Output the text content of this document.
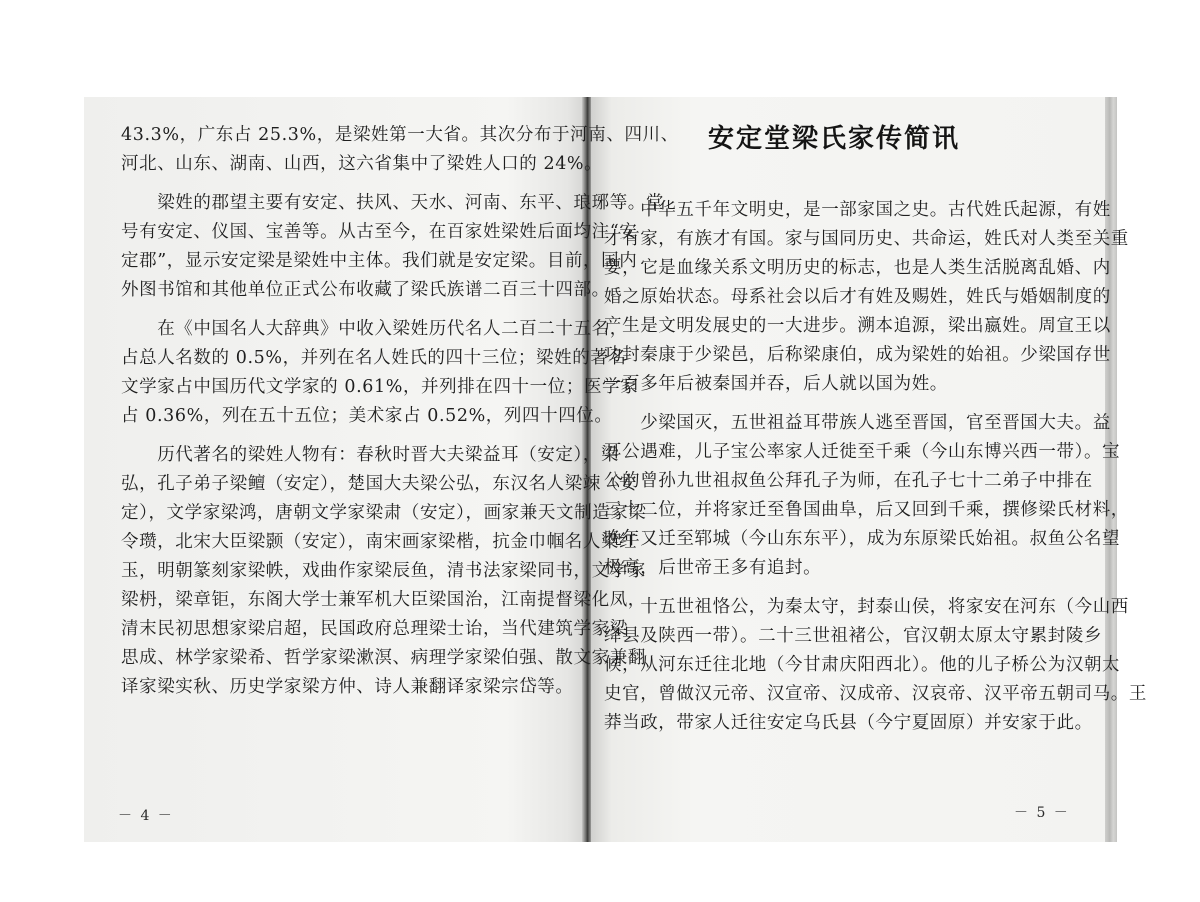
43.3%，广东占 25.3%，是梁姓第一大省。其次分布于河南、四川、

河北、山东、湖南、山西，这六省集中了梁姓人口的 24%。

　　梁姓的郡望主要有安定、扶风、天水、河南、东平、琅琊等。堂

号有安定、仪国、宝善等。从古至今，在百家姓梁姓后面均注“安

定郡”，显示安定梁是梁姓中主体。我们就是安定梁。目前，国内

外图书馆和其他单位正式公布收藏了梁氏族谱二百三十四部。

　　在《中国名人大辞典》中收入梁姓历代名人二百二十五名，

占总人名数的 0.5%，并列在名人姓氏的四十三位；梁姓的著名

文学家占中国历代文学家的 0.61%，并列排在四十一位；医学家

占 0.36%，列在五十五位；美术家占 0.52%，列四十四位。

　　历代著名的梁姓人物有：春秋时晋大夫梁益耳（安定），梁

弘，孔子弟子梁鳣（安定），楚国大夫梁公弘，东汉名人梁竦（安

定），文学家梁鸿，唐朝文学家梁肃（安定），画家兼天文制造家梁

令瓒，北宋大臣梁颢（安定），南宋画家梁楷，抗金巾帼名人梁红

玉，明朝篆刻家梁帙，戏曲作家梁辰鱼，清书法家梁同书，文学家

梁枬，梁章钜，东阁大学士兼军机大臣梁国治，江南提督梁化凤，

清末民初思想家梁启超，民国政府总理梁士诒，当代建筑学家梁

思成、林学家梁希、哲学家梁漱溟、病理学家梁伯强、散文家兼翻

译家梁实秋、历史学家梁方仲、诗人兼翻译家梁宗岱等。

－ 4 －
安定堂梁氏家传简讯

　　中华五千年文明史，是一部家国之史。古代姓氏起源，有姓

才有家，有族才有国。家与国同历史、共命运，姓氏对人类至关重

要，它是血缘关系文明历史的标志，也是人类生活脱离乱婚、内

婚之原始状态。母系社会以后才有姓及赐姓，姓氏与婚姻制度的

产生是文明发展史的一大进步。溯本追源，梁出嬴姓。周宣王以

功封秦康于少梁邑，后称梁康伯，成为梁姓的始祖。少梁国存世

一百多年后被秦国并吞，后人就以国为姓。

　　少梁国灭，五世祖益耳带族人逃至晋国，官至晋国大夫。益

耳公遇难，儿子宝公率家人迁徙至千乘（今山东博兴西一带）。宝

公的曾孙九世祖叔鱼公拜孔子为师，在孔子七十二弟子中排在

三十二位，并将家迁至鲁国曲阜，后又回到千乘，撰修梁氏材料，

晚年又迁至郓城（今山东东平），成为东原梁氏始祖。叔鱼公名望

极高，后世帝王多有追封。

　　十五世祖恪公，为秦太守，封泰山侯，将家安在河东（今山西

绛县及陕西一带）。二十三世祖褚公，官汉朝太原太守累封陵乡

候，从河东迁往北地（今甘肃庆阳西北）。他的儿子桥公为汉朝太

史官，曾做汉元帝、汉宣帝、汉成帝、汉哀帝、汉平帝五朝司马。王

莽当政，带家人迁往安定乌氏县（今宁夏固原）并安家于此。

－ 5 －
